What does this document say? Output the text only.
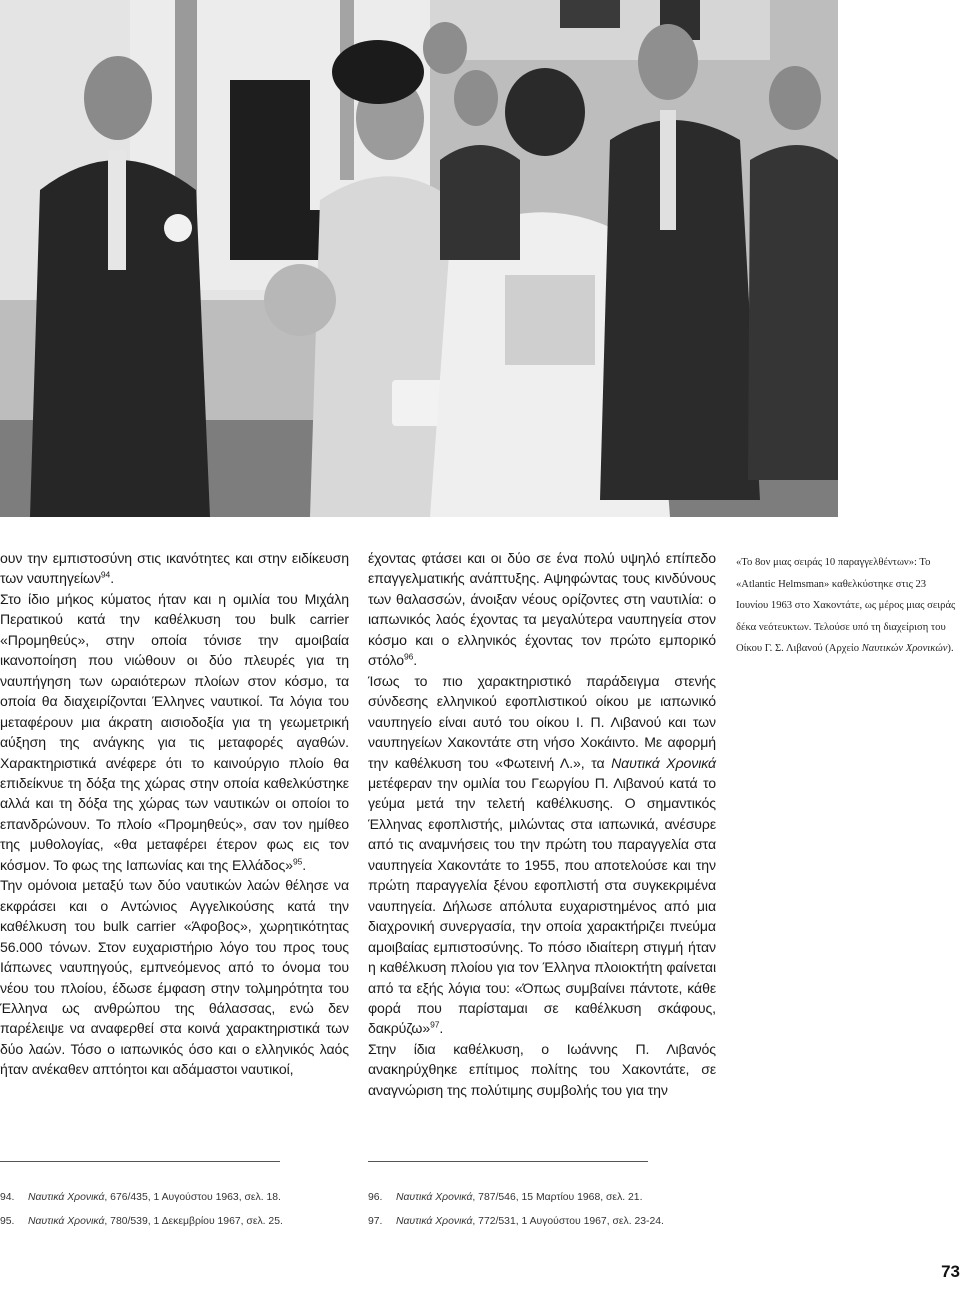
ουν την εμπιστοσύνη στις ικανότητες και στην ειδίκευση των ναυπηγείων$^{94}$.

Στο ίδιο μήκος κύματος ήταν και η ομιλία του Μιχάλη Περατικού κατά την καθέλκυση του bulk carrier «Προμηθεύς», στην οποία τόνισε την αμοιβαία ικανοποίηση που νιώθουν οι δύο πλευρές για τη ναυπήγηση των ωραιότερων πλοίων στον κόσμο, τα οποία θα διαχειρίζονται Έλληνες ναυτικοί. Τα λόγια του μεταφέρουν μια άκρατη αισιοδοξία για τη γεωμετρική αύξηση της ανάγκης για τις μεταφορές αγαθών. Χαρακτηριστικά ανέφερε ότι το καινούργιο πλοίο θα επιδείκνυε τη δόξα της χώρας στην οποία καθελκύστηκε αλλά και τη δόξα της χώρας των ναυτικών οι οποίοι το επανδρώνουν. Το πλοίο «Προμηθεύς», σαν τον ημίθεο της μυθολογίας, «θα μεταφέρει έτερον φως εις τον κόσμον. Το φως της Ιαπωνίας και της Ελλάδος»$^{95}$.

Την ομόνοια μεταξύ των δύο ναυτικών λαών θέλησε να εκφράσει και ο Αντώνιος Αγγελικούσης κατά την καθέλκυση του bulk carrier «Άφοβος», χωρητικότητας 56.000 τόνων. Στον ευχαριστήριο λόγο του προς τους Ιάπωνες ναυπηγούς, εμπνεόμενος από το όνομα του νέου του πλοίου, έδωσε έμφαση στην τολμηρότητα του Έλληνα ως ανθρώπου της θάλασσας, ενώ δεν παρέλειψε να αναφερθεί στα κοινά χαρακτηριστικά των δύο λαών. Τόσο ο ιαπωνικός όσο και ο ελληνικός λαός ήταν ανέκαθεν απτόητοι και αδάμαστοι ναυτικοί,

έχοντας φτάσει και οι δύο σε ένα πολύ υψηλό επίπεδο επαγγελματικής ανάπτυξης. Αψηφώντας τους κινδύνους των θαλασσών, άνοιξαν νέους ορίζοντες στη ναυτιλία: ο ιαπωνικός λαός έχοντας τα μεγαλύτερα ναυπηγεία στον κόσμο και ο ελληνικός έχοντας τον πρώτο εμπορικό στόλο$^{96}$.

Ίσως το πιο χαρακτηριστικό παράδειγμα στενής σύνδεσης ελληνικού εφοπλιστικού οίκου με ιαπωνικό ναυπηγείο είναι αυτό του οίκου Ι. Π. Λιβανού και των ναυπηγείων Χακοντάτε στη νήσο Χοκάιντο. Με αφορμή την καθέλκυση του «Φωτεινή Λ.», τα Ναυτικά Χρονικά μετέφεραν την ομιλία του Γεωργίου Π. Λιβανού κατά το γεύμα μετά την τελετή καθέλκυσης. Ο σημαντικός Έλληνας εφοπλιστής, μιλώντας στα ιαπωνικά, ανέσυρε από τις αναμνήσεις του την πρώτη του παραγγελία στα ναυπηγεία Χακοντάτε το 1955, που αποτελούσε και την πρώτη παραγγελία ξένου εφοπλιστή στα συγκεκριμένα ναυπηγεία. Δήλωσε απόλυτα ευχαριστημένος από μια διαχρονική συνεργασία, την οποία χαρακτήριζει πνεύμα αμοιβαίας εμπιστοσύνης. Το πόσο ιδιαίτερη στιγμή ήταν η καθέλκυση πλοίου για τον Έλληνα πλοιοκτήτη φαίνεται από τα εξής λόγια του: «Όπως συμβαίνει πάντοτε, κάθε φορά που παρίσταμαι σε καθέλκυση σκάφους, δακρύζω»$^{97}$.

Στην ίδια καθέλκυση, ο Ιωάννης Π. Λιβανός ανακηρύχθηκε επίτιμος πολίτης του Χακοντάτε, σε αναγνώριση της πολύτιμης συμβολής του για την

«Το 8ον μιας σειράς 10 παραγγελθέντων»: Το «Atlantic Helmsman» καθελκύστηκε στις 23 Ιουνίου 1963 στο Χακοντάτε, ως μέρος μιας σειράς δέκα νεότευκτων. Τελούσε υπό τη διαχείριση του Οίκου Γ. Σ. Λιβανού (Αρχείο Ναυτικών Χρονικών).
94. Ναυτικά Χρονικά, 676/435, 1 Αυγούστου 1963, σελ. 18.
95. Ναυτικά Χρονικά, 780/539, 1 Δεκεμβρίου 1967, σελ. 25.
96. Ναυτικά Χρονικά, 787/546, 15 Μαρτίου 1968, σελ. 21.
97. Ναυτικά Χρονικά, 772/531, 1 Αυγούστου 1967, σελ. 23-24.
73
